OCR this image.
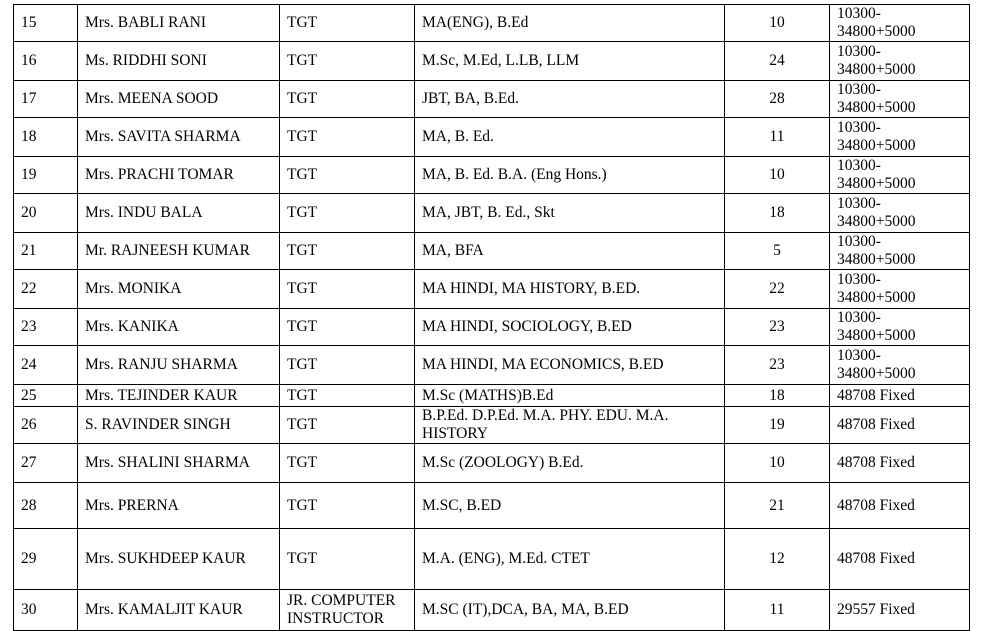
15	Mrs. BABLI RANI	TGT	MA(ENG), B.Ed	10	10300-
34800+5000
16	Ms. RIDDHI SONI	TGT	M.Sc, M.Ed, L.LB, LLM	24	10300-
34800+5000
17	Mrs. MEENA SOOD	TGT	JBT, BA, B.Ed.	28	10300-
34800+5000
18	Mrs. SAVITA SHARMA	TGT	MA, B. Ed.	11	10300-
34800+5000
19	Mrs. PRACHI TOMAR	TGT	MA, B. Ed. B.A. (Eng Hons.)	10	10300-
34800+5000
20	Mrs. INDU BALA	TGT	MA, JBT, B. Ed., Skt	18	10300-
34800+5000
21	Mr. RAJNEESH KUMAR	TGT	MA, BFA	5	10300-
34800+5000
22	Mrs. MONIKA	TGT	MA HINDI, MA HISTORY, B.ED.	22	10300-
34800+5000
23	Mrs. KANIKA	TGT	MA HINDI, SOCIOLOGY, B.ED	23	10300-
34800+5000
24	Mrs. RANJU SHARMA	TGT	MA HINDI, MA ECONOMICS, B.ED	23	10300-
34800+5000
25	Mrs. TEJINDER KAUR	TGT	M.Sc (MATHS)B.Ed	18	48708 Fixed
26	S. RAVINDER SINGH	TGT	B.P.Ed. D.P.Ed. M.A. PHY. EDU. M.A. HISTORY	19	48708 Fixed
27	Mrs. SHALINI SHARMA	TGT	M.Sc (ZOOLOGY) B.Ed.	10	48708 Fixed
28	Mrs. PRERNA	TGT	M.SC, B.ED	21	48708 Fixed
29	Mrs. SUKHDEEP KAUR	TGT	M.A. (ENG), M.Ed. CTET	12	48708 Fixed
30	Mrs. KAMALJIT KAUR	JR. COMPUTER INSTRUCTOR	M.SC (IT),DCA, BA, MA, B.ED	11	29557 Fixed
